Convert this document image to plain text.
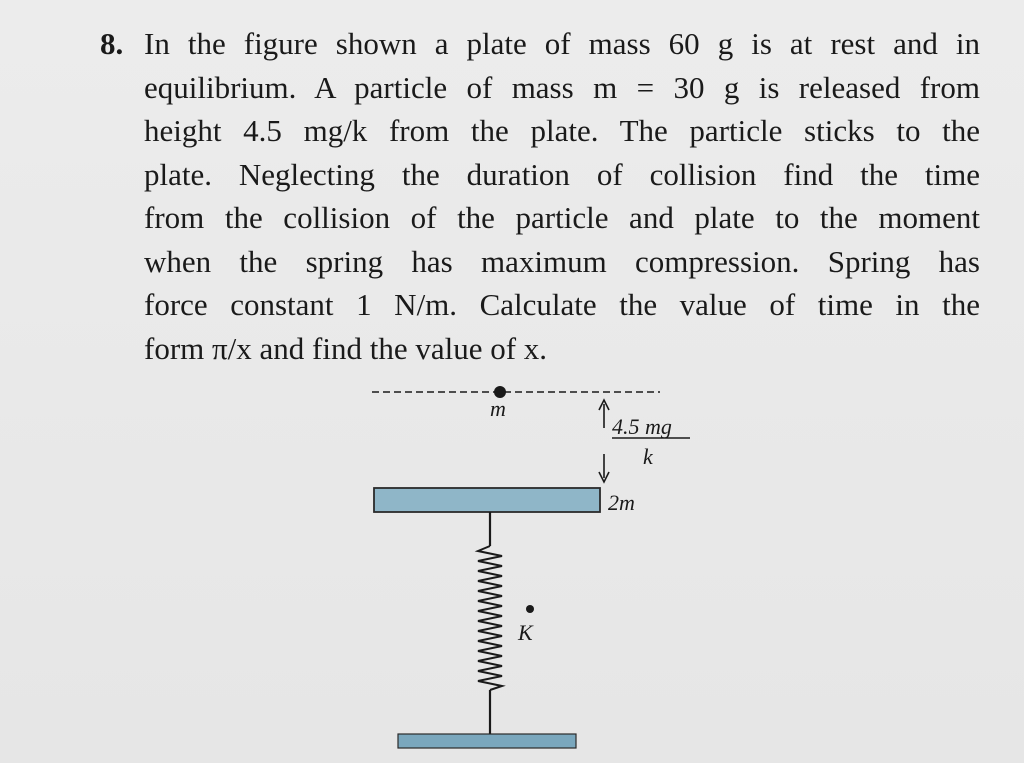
8. In the figure shown a plate of mass 60 g is at rest and in
equilibrium. A particle of mass m = 30 g is released from
height 4.5 mg/k from the plate. The particle sticks to the
plate. Neglecting the duration of collision find the time
from the collision of the particle and plate to the moment
when the spring has maximum compression. Spring has
force constant 1 N/m. Calculate the value of time in the
form π/x and find the value of x.
m
4.5 mg
k
2m
K
